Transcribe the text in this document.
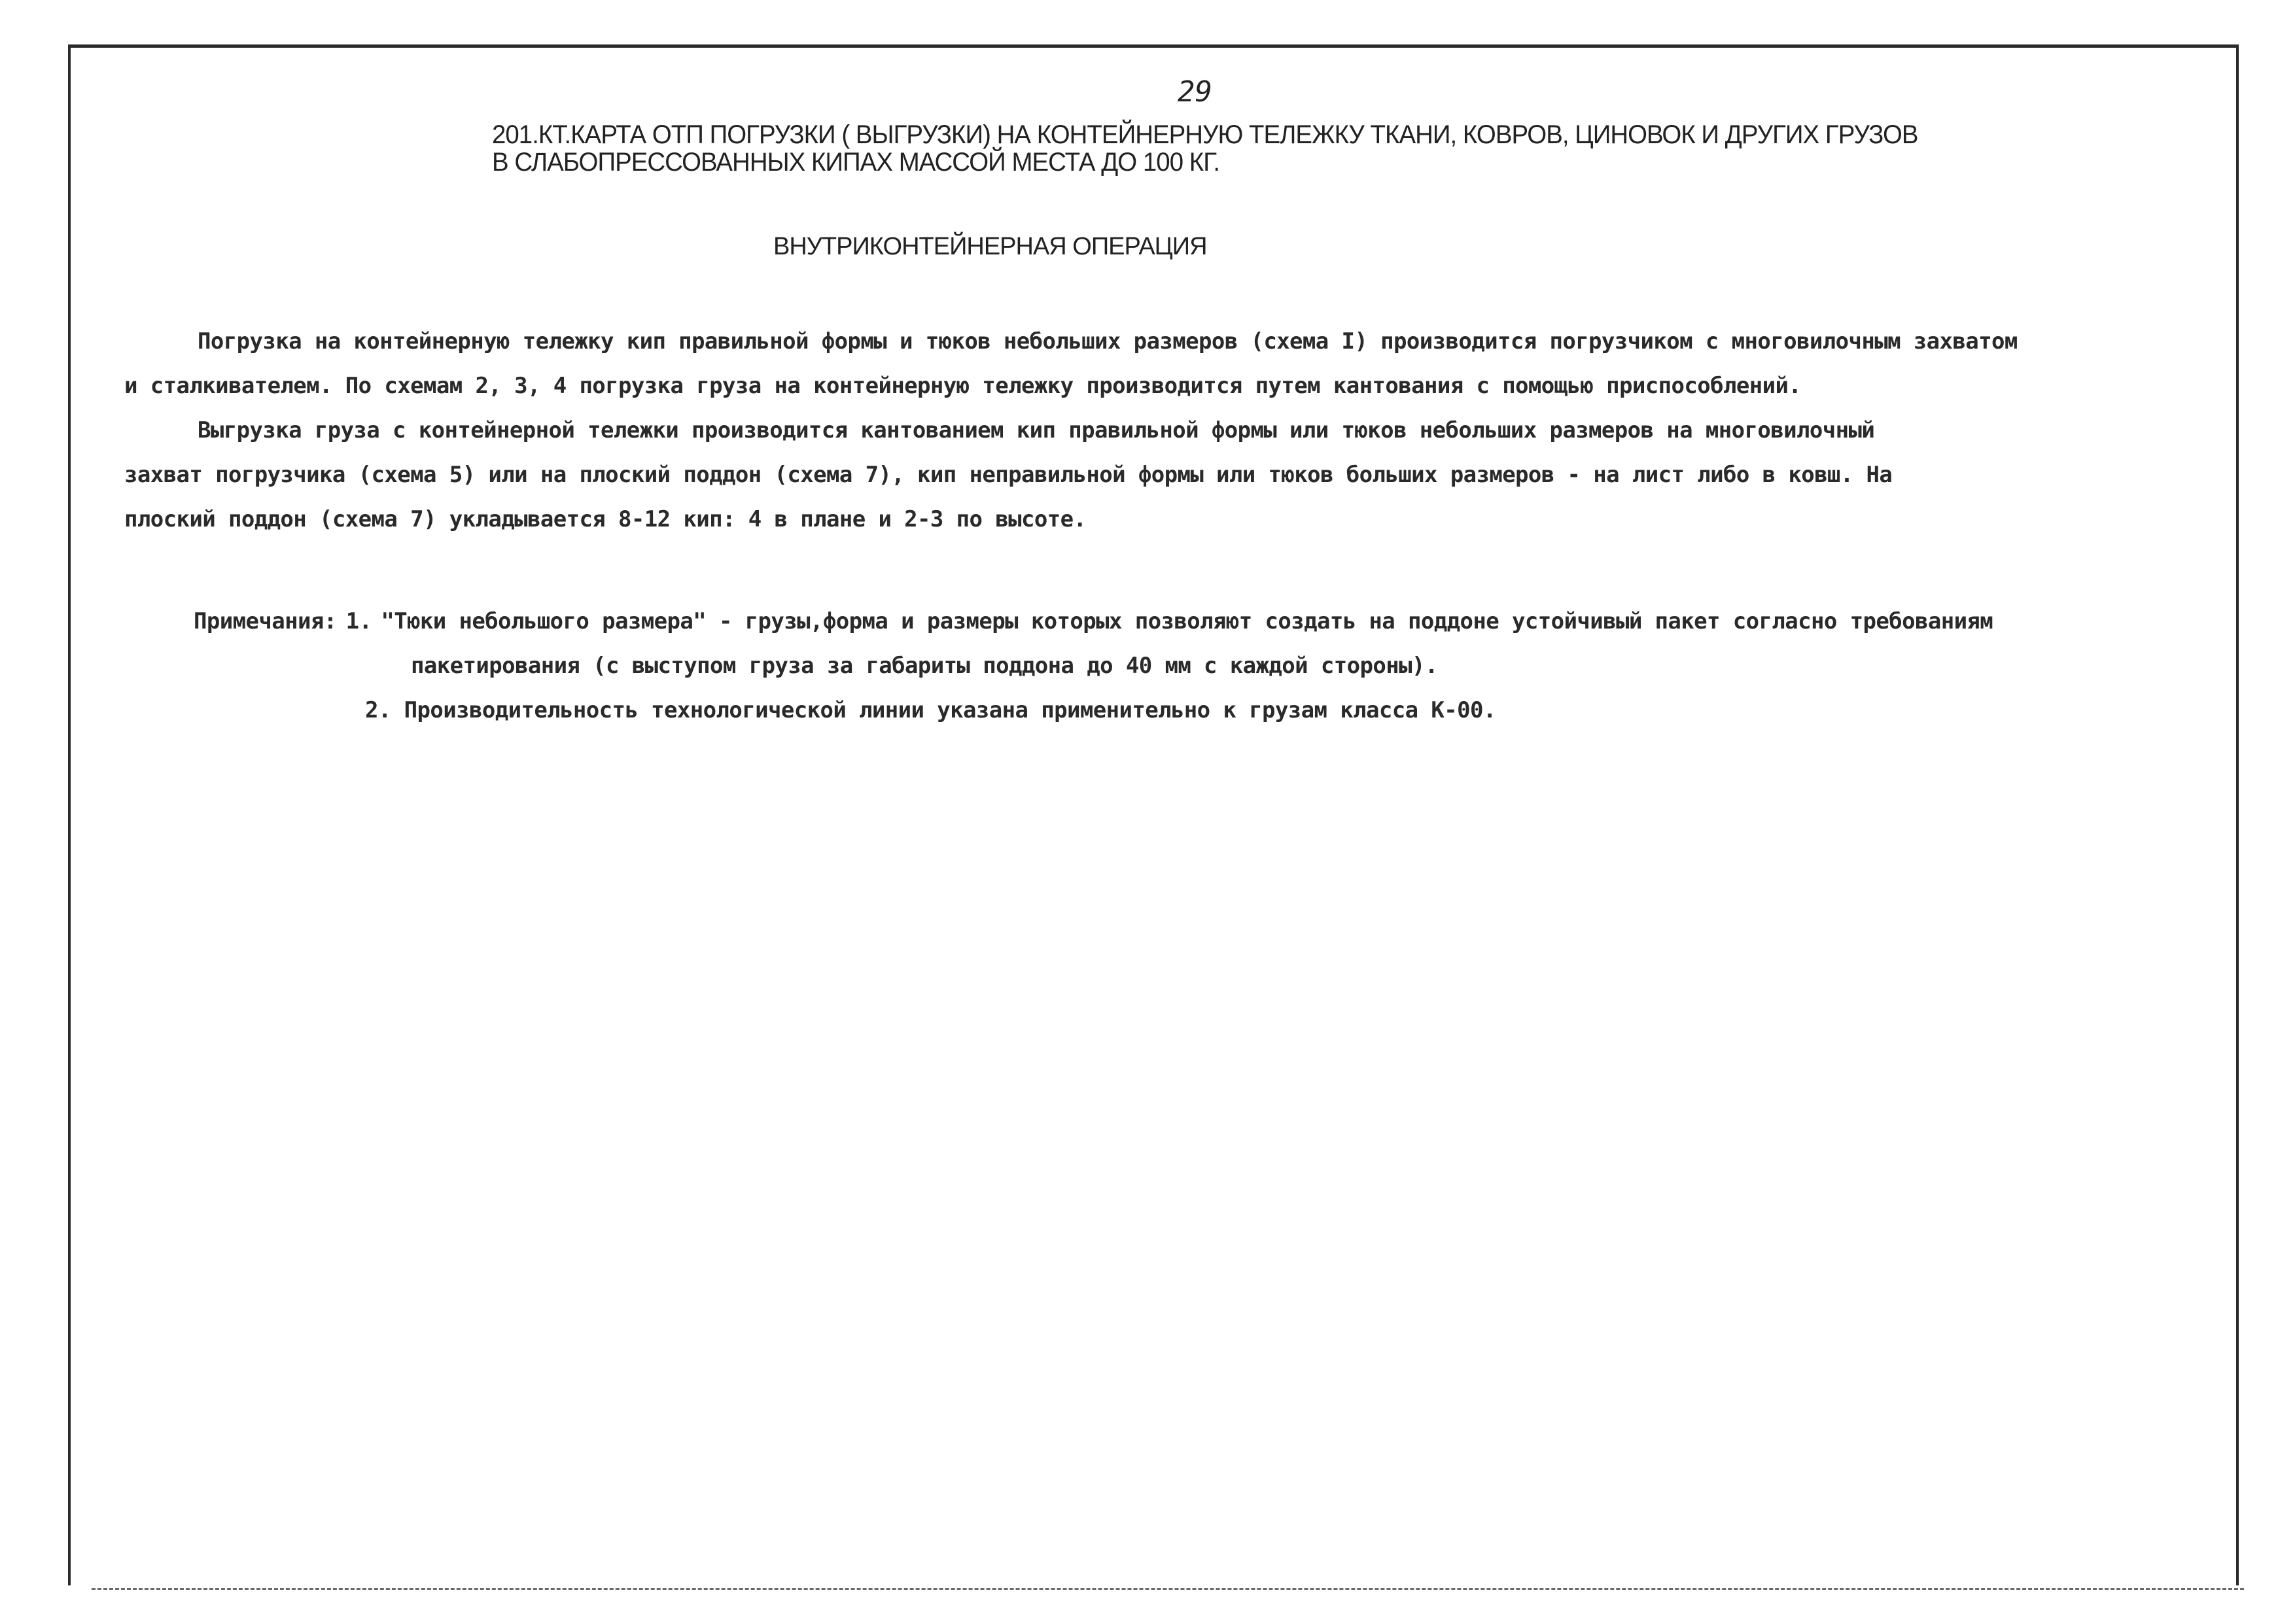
29
201.КТ.КАРТА ОТП ПОГРУЗКИ ( ВЫГРУЗКИ) НА КОНТЕЙНЕРНУЮ ТЕЛЕЖКУ ТКАНИ, КОВРОВ, ЦИНОВОК И ДРУГИХ ГРУЗОВ
В СЛАБОПРЕССОВАННЫХ КИПАХ МАССОЙ МЕСТА ДО 100 КГ.
ВНУТРИКОНТЕЙНЕРНАЯ ОПЕРАЦИЯ

Погрузка на контейнерную тележку кип правильной формы и тюков небольших размеров (схема I) производится погрузчиком с многовилочным захватом
и сталкивателем. По схемам 2, 3, 4 погрузка груза на контейнерную тележку производится путем кантования с помощью приспособлений.

Выгрузка груза с контейнерной тележки производится кантованием кип правильной формы или тюков небольших размеров на многовилочный
захват погрузчика (схема 5) или на плоский поддон (схема 7), кип неправильной формы или тюков больших размеров - на лист либо в ковш. На
плоский поддон (схема 7) укладывается 8-12 кип: 4 в плане и 2-3 по высоте.

Примечания: 1. "Тюки небольшого размера" - грузы,форма и размеры которых позволяют создать на поддоне устойчивый пакет согласно требованиям
пакетирования (с выступом груза за габариты поддона до 40 мм с каждой стороны).
2. Производительность технологической линии указана применительно к грузам класса К-00.
